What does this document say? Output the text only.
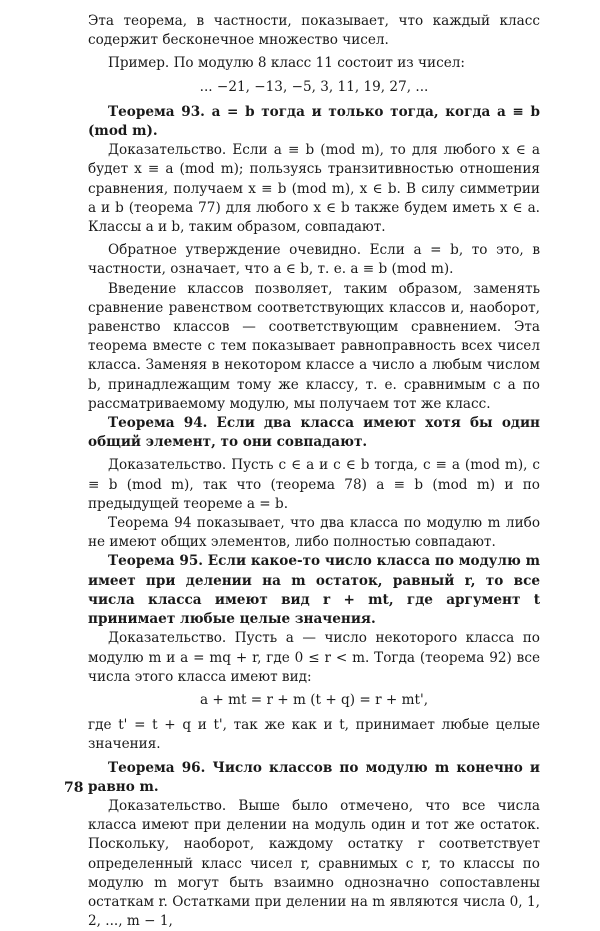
Эта теорема, в частности, показывает, что каждый класс содержит бесконечное множество чисел.

Пример. По модулю 8 класс 11 состоит из чисел:

... −21, −13, −5, 3, 11, 19, 27, ...

Теорема 93. a = b тогда и только тогда, когда a ≡ b (mod m).

Доказательство. Если a ≡ b (mod m), то для любого x ∈ a будет x ≡ a (mod m); пользуясь транзитивностью отношения сравнения, получаем x ≡ b (mod m), x ∈ b. В силу симметрии a и b (теорема 77) для любого x ∈ b также будем иметь x ∈ a. Классы a и b, таким образом, совпадают.

Обратное утверждение очевидно. Если a = b, то это, в частности, означает, что a ∈ b, т. е. a ≡ b (mod m).

Введение классов позволяет, таким образом, заменять сравнение равенством соответствующих классов и, наоборот, равенство классов — соответствующим сравнением. Эта теорема вместе с тем показывает равноправность всех чисел класса. Заменяя в некотором классе a число a любым числом b, принадлежащим тому же классу, т. е. сравнимым с a по рассматриваемому модулю, мы получаем тот же класс.

Теорема 94. Если два класса имеют хотя бы один общий элемент, то они совпадают.

Доказательство. Пусть c ∈ a и c ∈ b тогда, c ≡ a (mod m), c ≡ b (mod m), так что (теорема 78) a ≡ b (mod m) и по предыдущей теореме a = b.

Теорема 94 показывает, что два класса по модулю m либо не имеют общих элементов, либо полностью совпадают.

Теорема 95. Если какое-то число класса по модулю m имеет при делении на m остаток, равный r, то все числа класса имеют вид r + mt, где аргумент t принимает любые целые значения.

Доказательство. Пусть a — число некоторого класса по модулю m и a = mq + r, где 0 ≤ r < m. Тогда (теорема 92) все числа этого класса имеют вид:

a + mt = r + m (t + q) = r + mt',

где t' = t + q и t', так же как и t, принимает любые целые значения.

Теорема 96. Число классов по модулю m конечно и равно m.

Доказательство. Выше было отмечено, что все числа класса имеют при делении на модуль один и тот же остаток. Поскольку, наоборот, каждому остатку r соответствует определенный класс чисел r, сравнимых с r, то классы по модулю m могут быть взаимно однозначно сопоставлены остаткам r. Остатками при делении на m являются числа 0, 1, 2, ..., m − 1,

78
